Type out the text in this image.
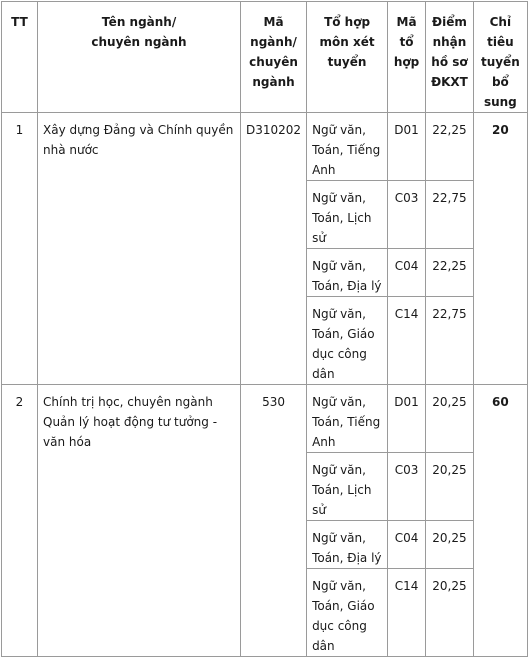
TT	Tên ngành/ chuyên ngành	Mã ngành/ chuyên ngành	Tổ hợp môn xét tuyển	Mã tổ hợp	Điểm nhận hồ sơ ĐKXT	Chỉ tiêu tuyển bổ sung
1	Xây dựng Đảng và Chính quyền nhà nước	D310202	Ngữ văn, Toán, Tiếng Anh	D01	22,25	20
			Ngữ văn, Toán, Lịch sử	C03	22,75	
			Ngữ văn, Toán, Địa lý	C04	22,25	
			Ngữ văn, Toán, Giáo dục công dân	C14	22,75	
2	Chính trị học, chuyên ngành Quản lý hoạt động tư tưởng - văn hóa	530	Ngữ văn, Toán, Tiếng Anh	D01	20,25	60
			Ngữ văn, Toán, Lịch sử	C03	20,25	
			Ngữ văn, Toán, Địa lý	C04	20,25	
			Ngữ văn, Toán, Giáo dục công dân	C14	20,25	
